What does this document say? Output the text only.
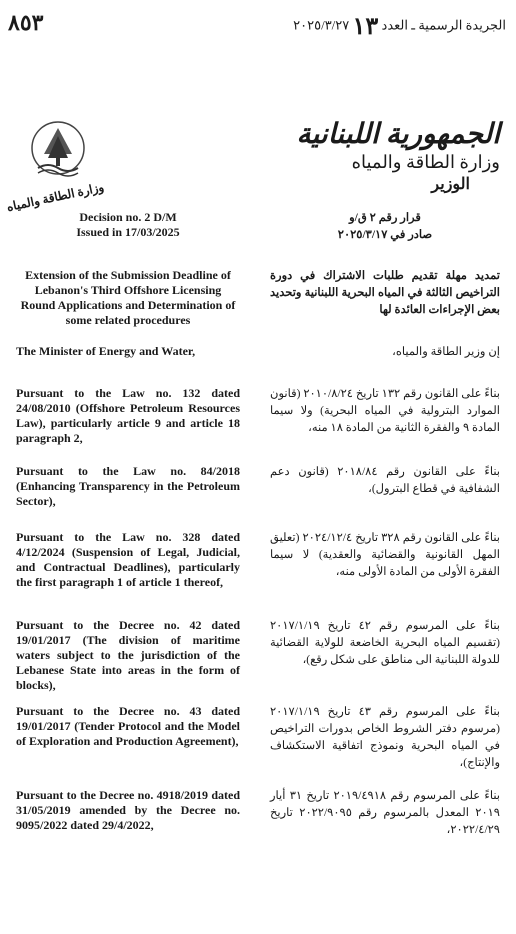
٨٥٣	الجريدة الرسمية ـ العدد ١٣ ٢٠٢٥/٣/٢٧
وزارة الطاقة والمياه
الجمهورية اللبنانية
وزارة الطاقة والمياه
الوزير
Decision no. 2 D/M
Issued in 17/03/2025
قرار رقم ٢ ق/و
صادر في ٢٠٢٥/٣/١٧
Extension of the Submission Deadline of Lebanon's Third Offshore Licensing Round Applications and Determination of some related procedures
تمديد مهلة تقديم طلبات الاشتراك في دورة التراخيص الثالثة في المياه البحرية اللبنانية وتحديد بعض الإجراءات العائدة لها
The Minister of Energy and Water,	إن وزير الطاقة والمياه،
Pursuant to the Law no. 132 dated 24/08/2010 (Offshore Petroleum Resources Law), particularly article 9 and article 18 paragraph 2,
بناءً على القانون رقم ١٣٢ تاريخ ٢٠١٠/٨/٢٤ (قانون الموارد البترولية في المياه البحرية) ولا سيما المادة ٩ والفقرة الثانية من المادة ١٨ منه،
Pursuant to the Law no. 84/2018 (Enhancing Transparency in the Petroleum Sector),
بناءً على القانون رقم ٢٠١٨/٨٤ (قانون دعم الشفافية في قطاع البترول)،
Pursuant to the Law no. 328 dated 4/12/2024 (Suspension of Legal, Judicial, and Contractual Deadlines), particularly the first paragraph 1 of article 1 thereof,
بناءً على القانون رقم ٣٢٨ تاريخ ٢٠٢٤/١٢/٤ (تعليق المهل القانونية والقضائية والعقدية) لا سيما الفقرة الأولى من المادة الأولى منه،
Pursuant to the Decree no. 42 dated 19/01/2017 (The division of maritime waters subject to the jurisdiction of the Lebanese State into areas in the form of blocks),
بناءً على المرسوم رقم ٤٢ تاريخ ٢٠١٧/١/١٩ (تقسيم المياه البحرية الخاضعة للولاية القضائية للدولة اللبنانية الى مناطق على شكل رقع)،
Pursuant to the Decree no. 43 dated 19/01/2017 (Tender Protocol and the Model of Exploration and Production Agreement),
بناءً على المرسوم رقم ٤٣ تاريخ ٢٠١٧/١/١٩ (مرسوم دفتر الشروط الخاص بدورات التراخيص في المياه البحرية ونموذج اتفاقية الاستكشاف والإنتاج)،
Pursuant to the Decree no. 4918/2019 dated 31/05/2019 amended by the Decree no. 9095/2022 dated 29/4/2022,
بناءً على المرسوم رقم ٢٠١٩/٤٩١٨ تاريخ ٣١ أيار ٢٠١٩ المعدل بالمرسوم رقم ٢٠٢٢/٩٠٩٥ تاريخ ٢٠٢٢/٤/٢٩،
